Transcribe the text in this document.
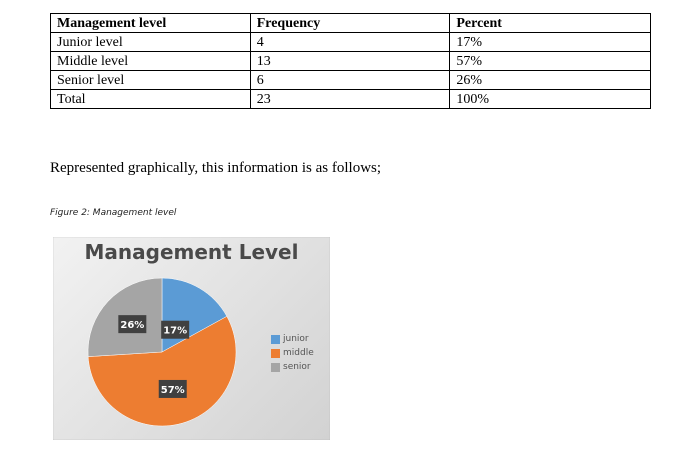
Management level	Frequency	Percent
Junior level	4	17%
Middle level	13	57%
Senior level	6	26%
Total	23	100%

Represented graphically, this information is as follows;

Figure 2: Management level

Management Level

17%
57%
26%
junior
middle
senior
